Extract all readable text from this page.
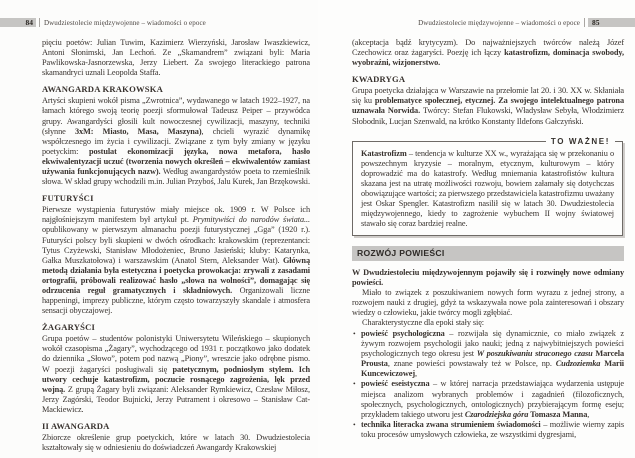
84 Dwudziestolecie międzywojenne – wiadomości o epoce

pięciu poetów: Julian Tuwim, Kazimierz Wierzyński, Jarosław Iwaszkiewicz, Antoni Słonimski, Jan Lechoń. Ze „Skamandrem” związani byli: Maria Pawlikowska-Jasnorzewska, Jerzy Liebert. Za swojego literackiego patrona skamandryci uznali Leopolda Staffa.

AWANGARDA KRAKOWSKA

Artyści skupieni wokół pisma „Zwrotnica”, wydawanego w latach 1922–1927, na łamach którego swoją teorię poezji sformułował Tadeusz Peiper – przywódca grupy. Awangardyści głosili kult nowoczesnej cywilizacji, maszyny, techniki (słynne 3xM: Miasto, Masa, Maszyna), chcieli wyrazić dynamikę współczesnego im życia i cywilizacji. Związane z tym były zmiany w języku poetyckim: postulat ekonomizacji języka, nowa metafora, hasło ekwiwalentyzacji uczuć (tworzenia nowych określeń – ekwiwalentów zamiast używania funkcjonujących nazw). Według awangardystów poeta to rzemieślnik słowa. W skład grupy wchodzili m.in. Julian Przyboś, Jalu Kurek, Jan Brzękowski.

FUTURYŚCI

Pierwsze wystąpienia futurystów miały miejsce ok. 1909 r. W Polsce ich najgłośniejszym manifestem był artykuł pt. Prymitywiści do narodów świata... opublikowany w pierwszym almanachu poezji futurystycznej „Gga” (1920 r.). Futuryści polscy byli skupieni w dwóch ośrodkach: krakowskim (reprezentanci: Tytus Czyżewski, Stanisław Młodożeniec, Bruno Jasieński; kluby: Katarynka, Gałka Muszkatołowa) i warszawskim (Anatol Stern, Aleksander Wat). Główną metodą działania była estetyczna i poetycka prowokacja: zrywali z zasadami ortografii, próbowali realizować hasło „słowa na wolności”, domagając się odrzucenia reguł gramatycznych i składniowych. Organizowali liczne happeningi, imprezy publiczne, którym często towarzyszyły skandale i atmosfera sensacji obyczajowej.

ŻAGARYŚCI

Grupa poetów – studentów polonistyki Uniwersytetu Wileńskiego – skupionych wokół czasopisma „Żagary”, wychodzącego od 1931 r. początkowo jako dodatek do dziennika „Słowo”, potem pod nazwą „Piony”, wreszcie jako odrębne pismo. W poezji żagaryści posługiwali się patetycznym, podniosłym stylem. Ich utwory cechuje katastrofizm, poczucie rosnącego zagrożenia, lęk przed wojną. Z grupą Żagary byli związani: Aleksander Rymkiewicz, Czesław Miłosz, Jerzy Zagórski, Teodor Bujnicki, Jerzy Putrament i okresowo – Stanisław Cat-Mackiewicz.

II AWANGARDA

Zbiorcze określenie grup poetyckich, które w latach 30. Dwudziestolecia kształtowały się w odniesieniu do doświadczeń Awangardy Krakowskiej

Dwudziestolecie międzywojenne – wiadomości o epoce 85

(akceptacja bądź krytycyzm). Do najważniejszych twórców należą Józef Czechowicz oraz żagaryści. Poezję ich łączy katastrofizm, dominacja swobody, wyobraźni, wizjonerstwo.

KWADRYGA

Grupa poetycka działająca w Warszawie na przełomie lat 20. i 30. XX w. Skłaniała się ku problematyce społecznej, etycznej. Za swojego intelektualnego patrona uznawała Norwida. Twórcy: Stefan Flukowski, Władysław Sebyła, Włodzimierz Słobodnik, Lucjan Szenwald, na krótko Konstanty Ildefons Gałczyński.

TO WAŻNE!
Katastrofizm – tendencja w kulturze XX w., wyrażająca się w przekonaniu o powszechnym kryzysie – moralnym, etycznym, kulturowym – który doprowadzić ma do katastrofy. Według mniemania katastrofistów kultura skazana jest na utratę możliwości rozwoju, bowiem załamały się dotychczas obowiązujące wartości; za pierwszego przedstawiciela katastrofizmu uważany jest Oskar Spengler. Katastrofizm nasilił się w latach 30. Dwudziestolecia międzywojennego, kiedy to zagrożenie wybuchem II wojny światowej stawało się coraz bardziej realne.
ROZWÓJ POWIEŚCI

W Dwudziestoleciu międzywojennym pojawiły się i rozwinęły nowe odmiany powieści.

Miało to związek z poszukiwaniem nowych form wyrazu z jednej strony, a rozwojem nauki z drugiej, gdyż ta wskazywała nowe pola zainteresowań i obszary wiedzy o człowieku, jakie twórcy mogli zgłębiać.

Charakterystyczne dla epoki stały się:

• powieść psychologiczna – rozwijała się dynamicznie, co miało związek z żywym rozwojem psychologii jako nauki; jedną z najwybitniejszych powieści psychologicznych tego okresu jest W poszukiwaniu straconego czasu Marcela Prousta, znane powieści powstawały też w Polsce, np. Cudzoziemka Marii Kuncewiczowej,
• powieść eseistyczna – w której narracja przedstawiająca wydarzenia ustępuje miejsca analizom wybranych problemów i zagadnień (filozoficznych, społecznych, psychologicznych, ontologicznych) przybierającym formę eseju; przykładem takiego utworu jest Czarodziejska góra Tomasza Manna,
• technika literacka zwana strumieniem świadomości – możliwie wierny zapis toku procesów umysłowych człowieka, ze wszystkimi dygresjami,
